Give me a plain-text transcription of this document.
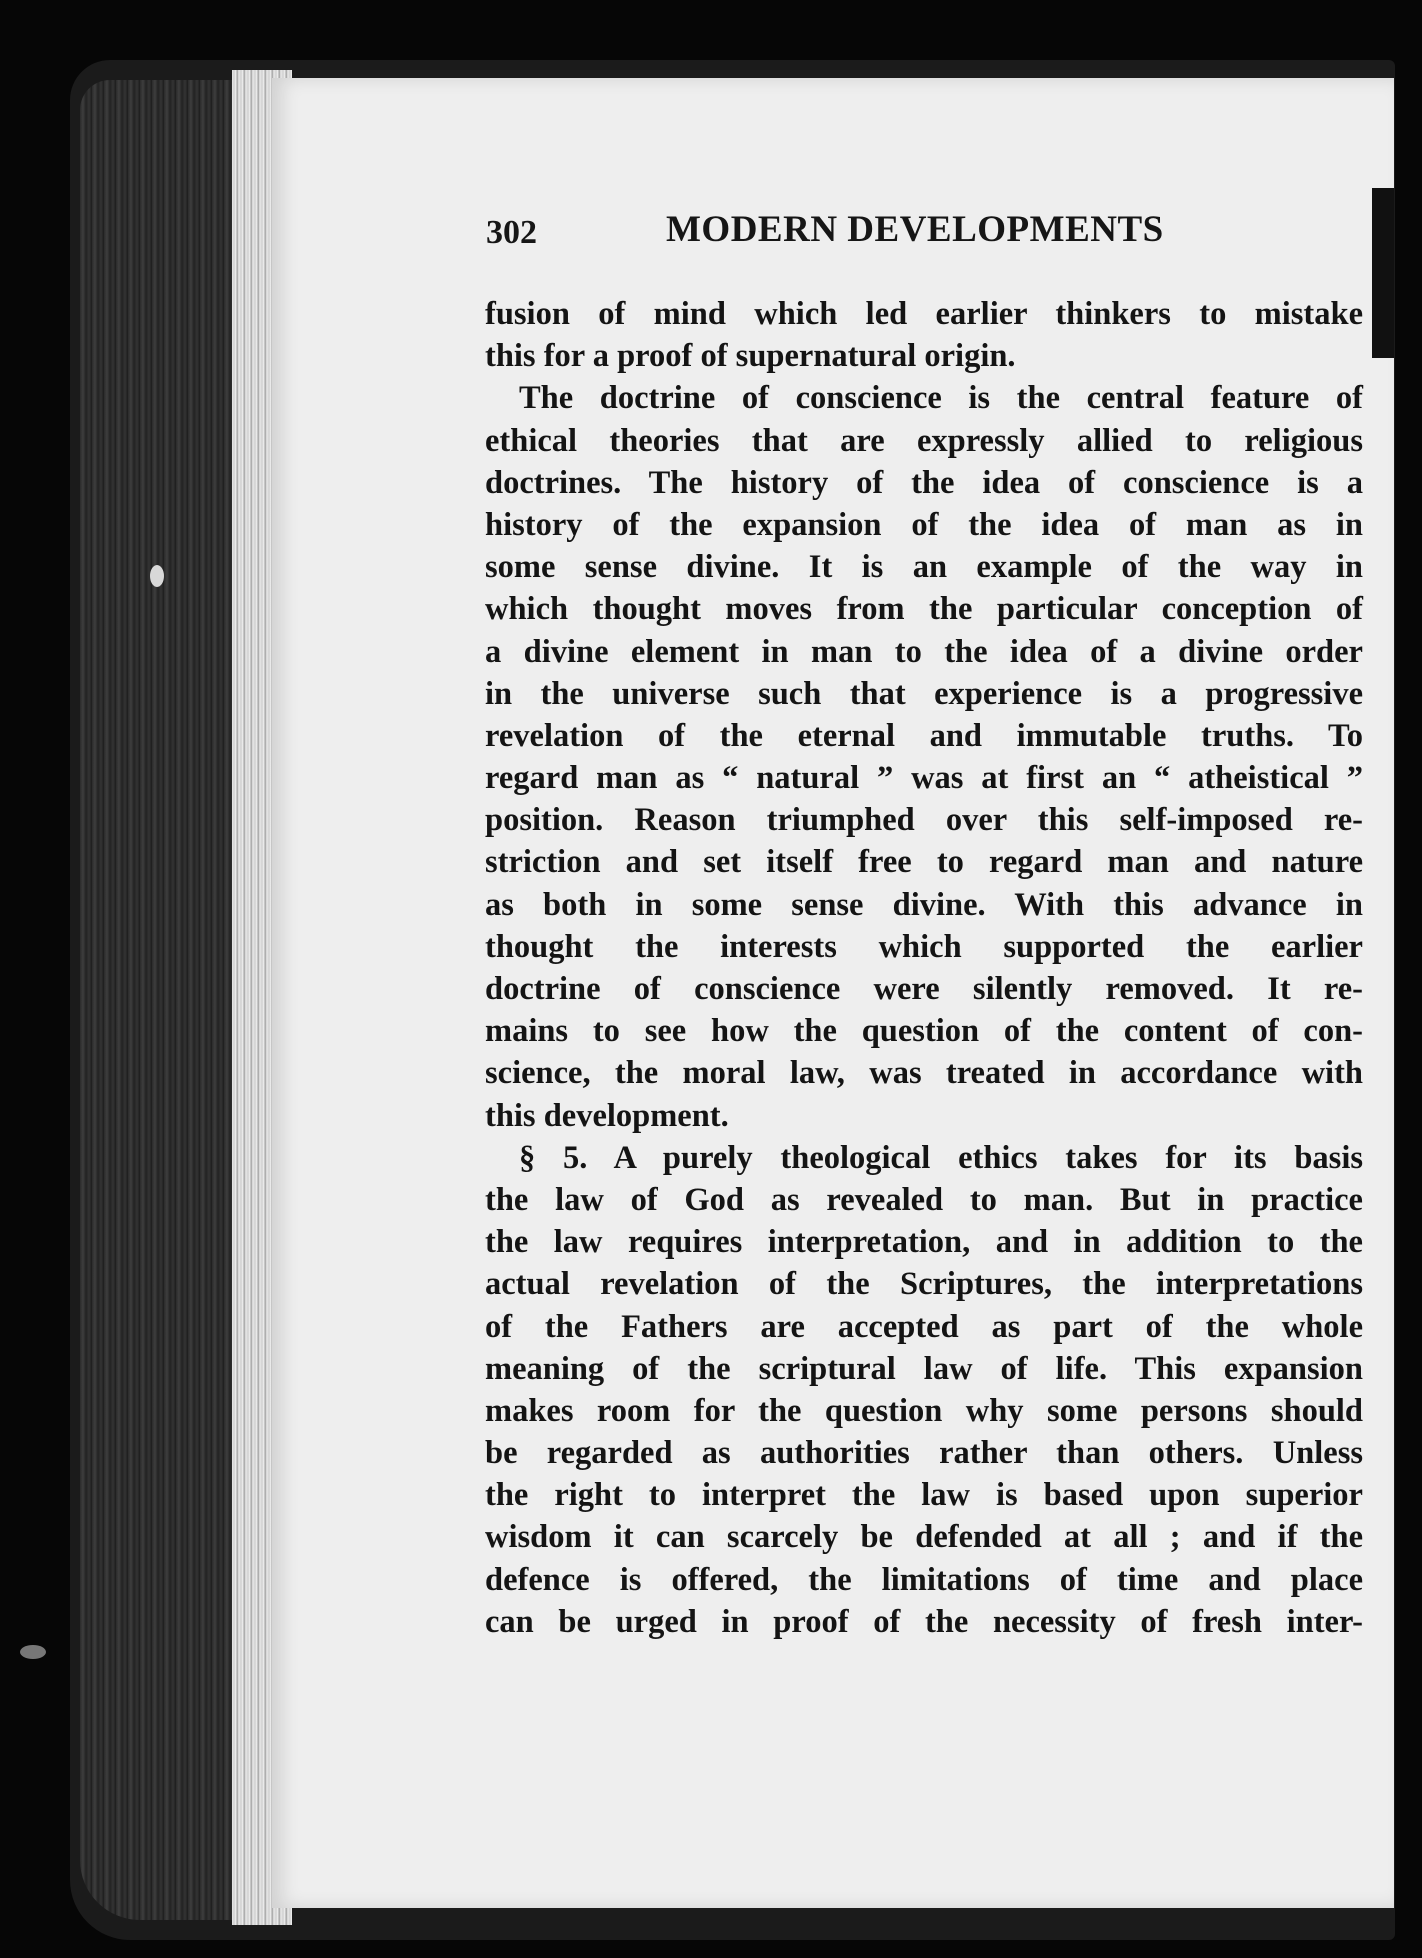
302	MODERN DEVELOPMENTS
fusion of mind which led earlier thinkers to mistake
this for a proof of supernatural origin.
The doctrine of conscience is the central feature of
ethical theories that are expressly allied to religious
doctrines. The history of the idea of conscience is a
history of the expansion of the idea of man as in
some sense divine. It is an example of the way in
which thought moves from the particular conception of
a divine element in man to the idea of a divine order
in the universe such that experience is a progressive
revelation of the eternal and immutable truths. To
regard man as “ natural ” was at first an “ atheistical ”
position. Reason triumphed over this self-imposed re-
striction and set itself free to regard man and nature
as both in some sense divine. With this advance in
thought the interests which supported the earlier
doctrine of conscience were silently removed. It re-
mains to see how the question of the content of con-
science, the moral law, was treated in accordance with
this development.
§ 5. A purely theological ethics takes for its basis
the law of God as revealed to man. But in practice
the law requires interpretation, and in addition to the
actual revelation of the Scriptures, the interpretations
of the Fathers are accepted as part of the whole
meaning of the scriptural law of life. This expansion
makes room for the question why some persons should
be regarded as authorities rather than others. Unless
the right to interpret the law is based upon superior
wisdom it can scarcely be defended at all ; and if the
defence is offered, the limitations of time and place
can be urged in proof of the necessity of fresh inter-
